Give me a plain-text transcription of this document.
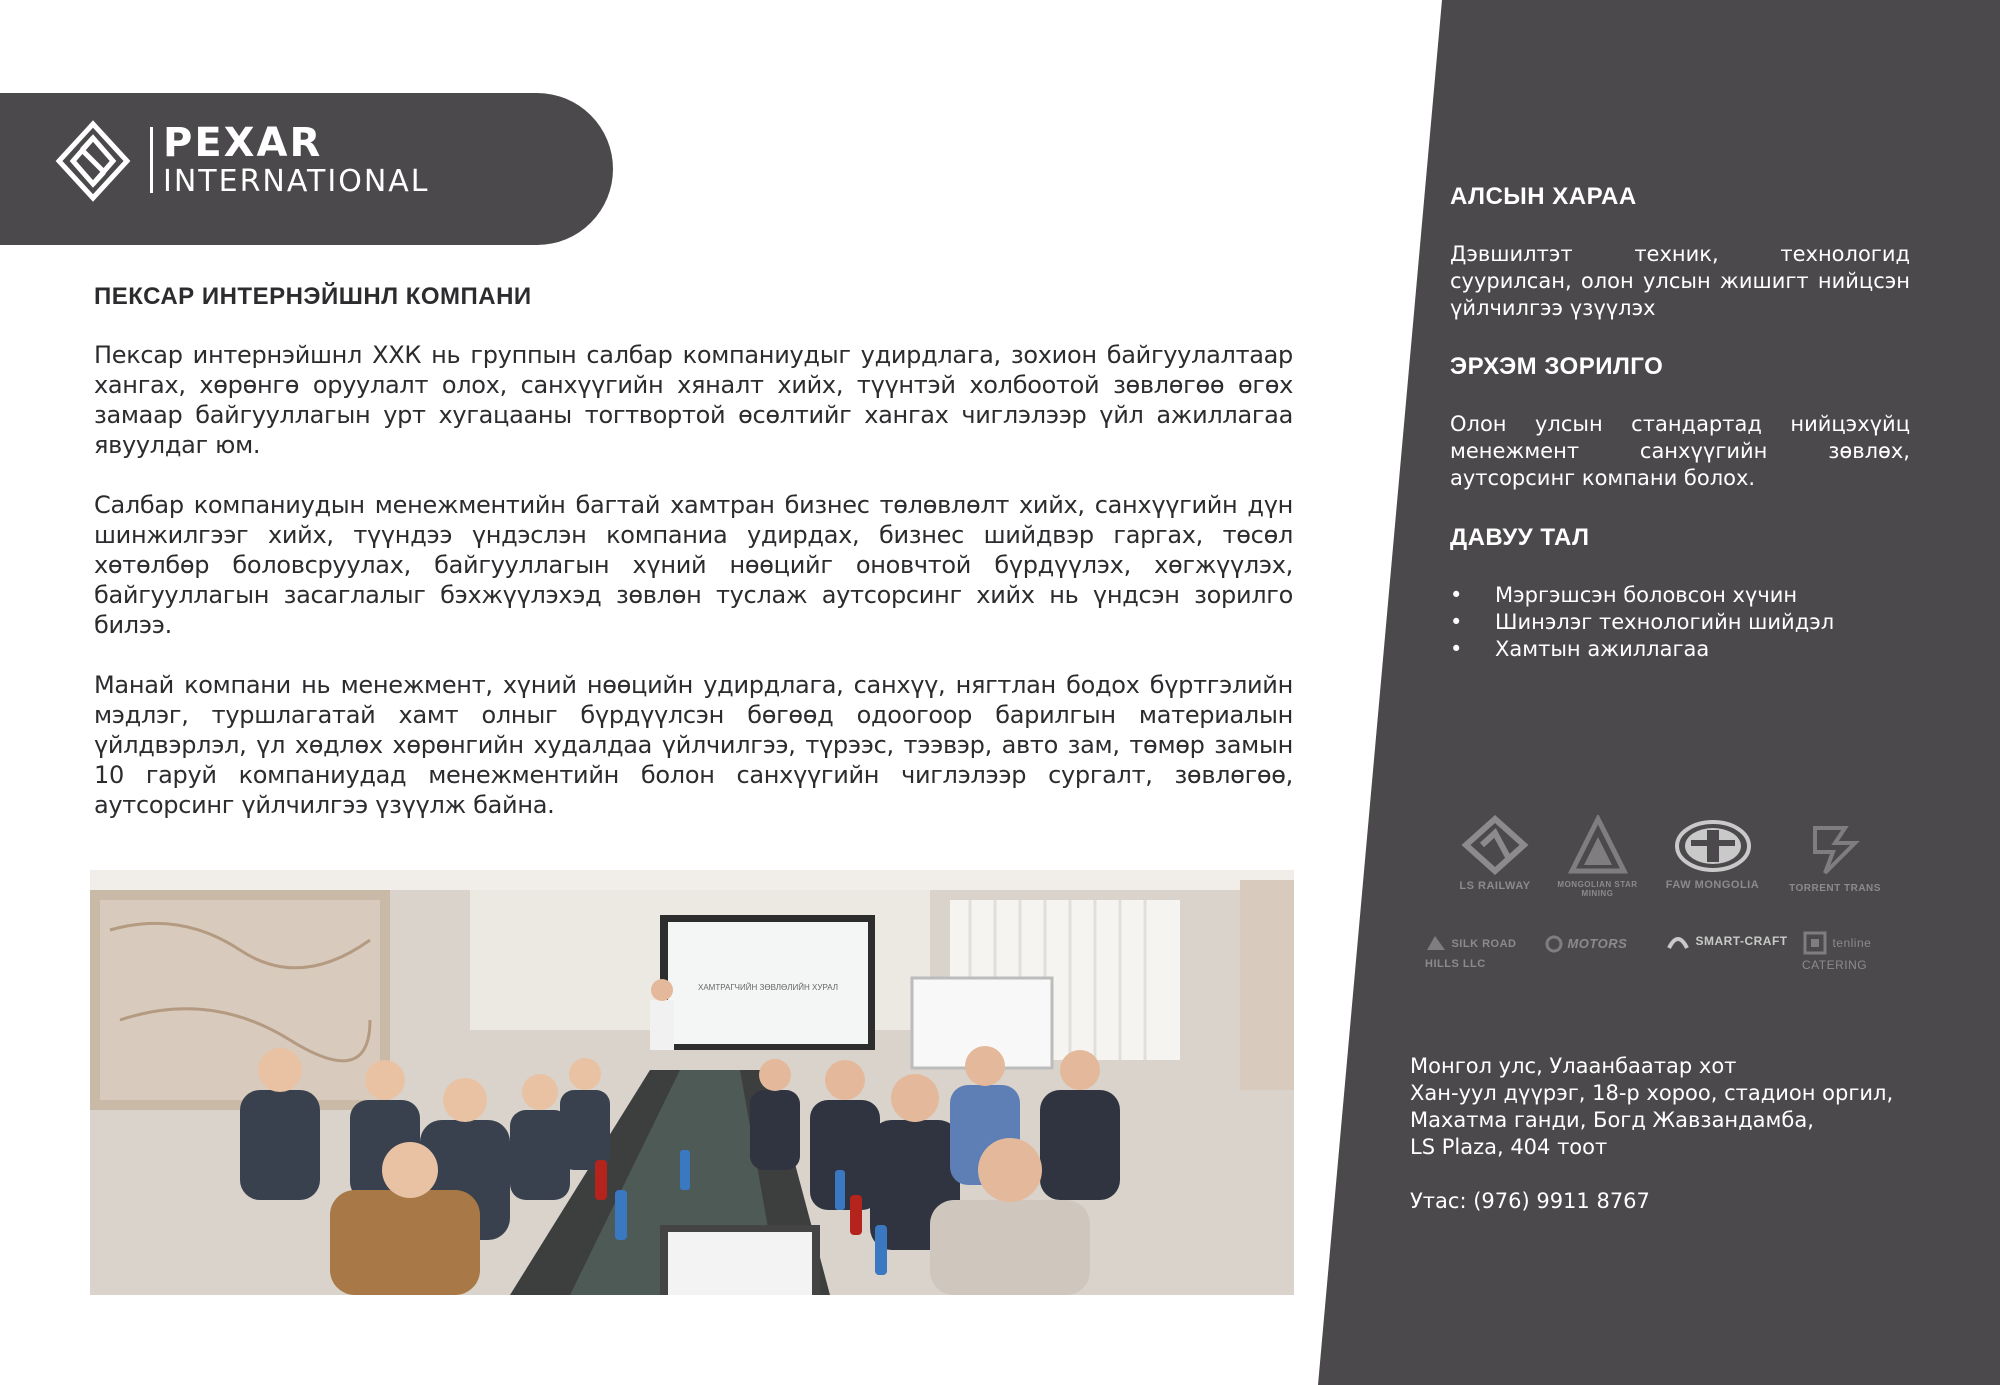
PEXAR
INTERNATIONAL
ПЕКСАР ИНТЕРНЭЙШНЛ КОМПАНИ

Пексар интернэйшнл ХХК нь группын салбар компаниудыг удирдлага, зохион байгуулалтаар хангах, хөрөнгө оруулалт олох, санхүүгийн хяналт хийх, түүнтэй холбоотой зөвлөгөө өгөх замаар байгууллагын урт хугацааны тогтвортой өсөлтийг хангах чиглэлээр үйл ажиллагаа явуулдаг юм.

Салбар компаниудын менежментийн багтай хамтран бизнес төлөвлөлт хийх, санхүүгийн дүн шинжилгээг хийх, түүндээ үндэслэн компаниа удирдах, бизнес шийдвэр гаргах, төсөл хөтөлбөр боловсруулах, байгууллагын хүний нөөцийг оновчтой бүрдүүлэх, хөгжүүлэх, байгууллагын засаглалыг бэхжүүлэхэд зөвлөн туслаж аутсорсинг хийх нь үндсэн зорилго билээ.

Манай компани нь менежмент, хүний нөөцийн удирдлага, санхүү, нягтлан бодох бүртгэлийн мэдлэг, туршлагатай хамт олныг бүрдүүлсэн бөгөөд одоогоор барилгын материалын үйлдвэрлэл, үл хөдлөх хөрөнгийн худалдаа үйлчилгээ, түрээс, тээвэр, авто зам, төмөр замын 10 гаруй компаниудад менежментийн болон санхүүгийн чиглэлээр сургалт, зөвлөгөө, аутсорсинг үйлчилгээ үзүүлж байна.

ХАМТРАГЧИЙН ЗӨВЛӨЛИЙН ХУРАЛ
АЛСЫН ХАРАА

Дэвшилтэт техник, технологид суурилсан, олон улсын жишигт нийцсэн үйлчилгээ үзүүлэх

ЭРХЭМ ЗОРИЛГО

Олон улсын стандартад нийцэхүйц менежмент санхүүгийн зөвлөх, аутсорсинг компани болох.

ДАВУУ ТАЛ
• Мэргэшсэн боловсон хүчин
• Шинэлэг технологийн шийдэл
• Хамтын ажиллагаа
LS RAILWAY	MONGOLIAN STAR MINING
FAW MONGOLIA	TORRENT TRANS
SILK ROAD HILLS LLC
MOTORS	SMART-CRAFT	tenline CATERING
Монгол улс, Улаанбаатар хот
Хан-уул дүүрэг, 18-р хороо, стадион оргил,
Махатма ганди, Богд Жавзандамба,
LS Plaza, 404 тоот

Утас: (976) 9911 8767
